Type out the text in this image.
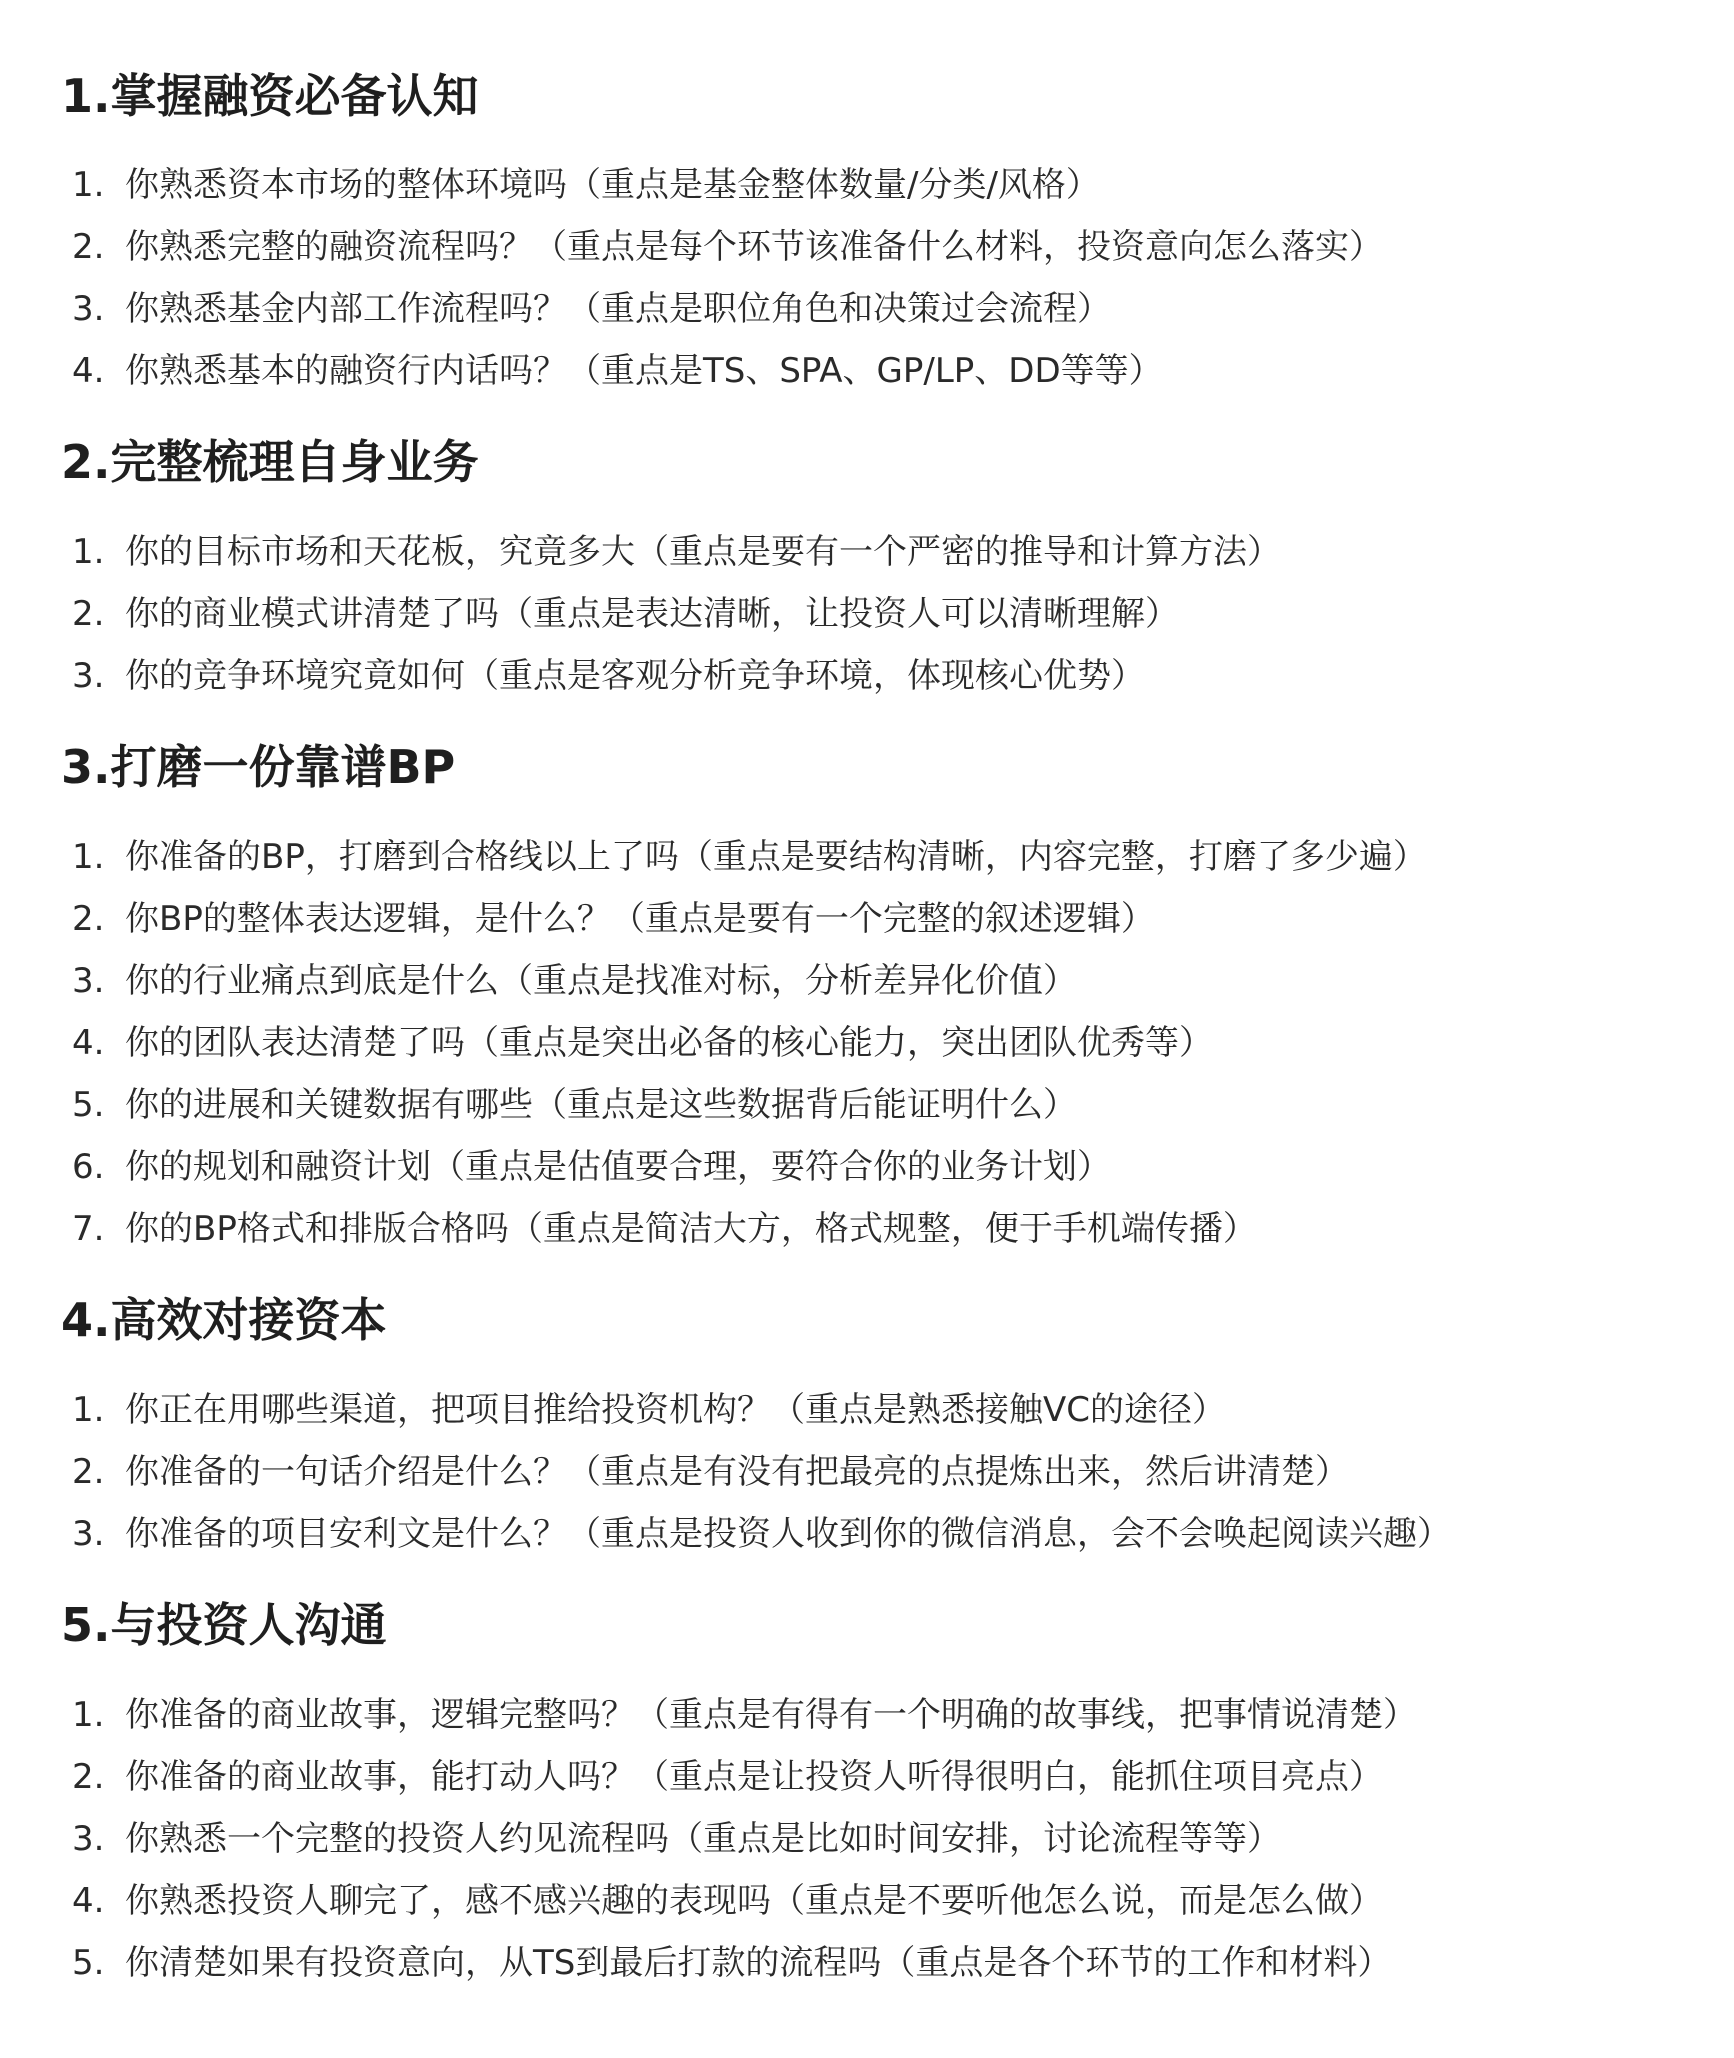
1.掌握融资必备认知
1. 你熟悉资本市场的整体环境吗（重点是基金整体数量/分类/风格）
2. 你熟悉完整的融资流程吗？（重点是每个环节该准备什么材料，投资意向怎么落实）
3. 你熟悉基金内部工作流程吗？（重点是职位角色和决策过会流程）
4. 你熟悉基本的融资行内话吗？（重点是TS、SPA、GP/LP、DD等等）
2.完整梳理自身业务
1. 你的目标市场和天花板，究竟多大（重点是要有一个严密的推导和计算方法）
2. 你的商业模式讲清楚了吗（重点是表达清晰，让投资人可以清晰理解）
3. 你的竞争环境究竟如何（重点是客观分析竞争环境，体现核心优势）
3.打磨一份靠谱BP
1. 你准备的BP，打磨到合格线以上了吗（重点是要结构清晰，内容完整，打磨了多少遍）
2. 你BP的整体表达逻辑，是什么？（重点是要有一个完整的叙述逻辑）
3. 你的行业痛点到底是什么（重点是找准对标，分析差异化价值）
4. 你的团队表达清楚了吗（重点是突出必备的核心能力，突出团队优秀等）
5. 你的进展和关键数据有哪些（重点是这些数据背后能证明什么）
6. 你的规划和融资计划（重点是估值要合理，要符合你的业务计划）
7. 你的BP格式和排版合格吗（重点是简洁大方，格式规整，便于手机端传播）
4.高效对接资本
1. 你正在用哪些渠道，把项目推给投资机构？（重点是熟悉接触VC的途径）
2. 你准备的一句话介绍是什么？（重点是有没有把最亮的点提炼出来，然后讲清楚）
3. 你准备的项目安利文是什么？（重点是投资人收到你的微信消息，会不会唤起阅读兴趣）
5.与投资人沟通
1. 你准备的商业故事，逻辑完整吗？（重点是有得有一个明确的故事线，把事情说清楚）
2. 你准备的商业故事，能打动人吗？（重点是让投资人听得很明白，能抓住项目亮点）
3. 你熟悉一个完整的投资人约见流程吗（重点是比如时间安排，讨论流程等等）
4. 你熟悉投资人聊完了，感不感兴趣的表现吗（重点是不要听他怎么说，而是怎么做）
5. 你清楚如果有投资意向，从TS到最后打款的流程吗（重点是各个环节的工作和材料）
